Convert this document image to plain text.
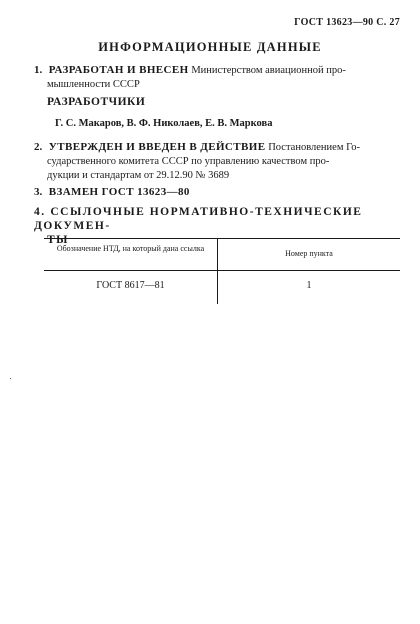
ГОСТ 13623—90 С. 27
ИНФОРМАЦИОННЫЕ ДАННЫЕ
1. РАЗРАБОТАН И ВНЕСЕН Министерством авиационной про-
мышленности СССР
РАЗРАБОТЧИКИ
Г. С. Макаров, В. Ф. Николаев, Е. В. Маркова
2. УТВЕРЖДЕН И ВВЕДЕН В ДЕЙСТВИЕ Постановлением Го-
сударственного комитета СССР по управлению качеством про-
дукции и стандартам от 29.12.90 № 3689
3. ВЗАМЕН ГОСТ 13623—80
4. ССЫЛОЧНЫЕ НОРМАТИВНО-ТЕХНИЧЕСКИЕ ДОКУМЕН-
ТЫ
Обозначение НТД, на который дана ссылка
Номер пункта
ГОСТ 8617—81	1
